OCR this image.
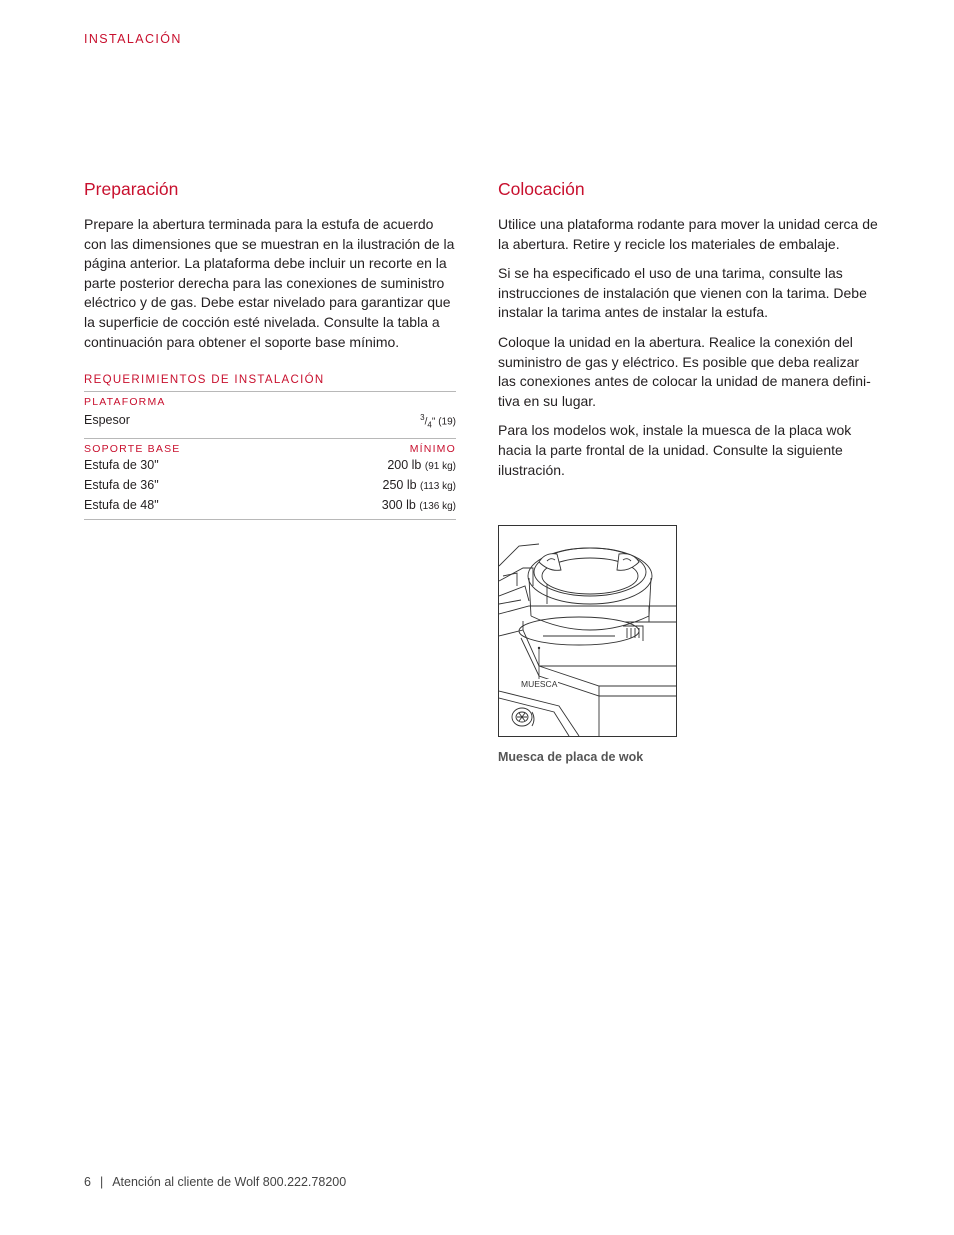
INSTALACIÓN
Preparación

Prepare la abertura terminada para la estufa de acuerdo con las dimensiones que se muestran en la ilustración de la página anterior. La plataforma debe incluir un recorte en la parte posterior derecha para las conexiones de suministro eléctrico y de gas. Debe estar nivelado para garantizar que la superficie de cocción esté nivelada. Consulte la tabla a continuación para obtener el soporte base mínimo.

REQUERIMIENTOS DE INSTALACIÓN
PLATAFORMA
Espesor	$^3/_4$" (19)
SOPORTE BASE	MÍNIMO
Estufa de 30"	200 lb (91 kg)
Estufa de 36"	250 lb (113 kg)
Estufa de 48"	300 lb (136 kg)
Colocación

Utilice una plataforma rodante para mover la unidad cerca de la abertura. Retire y recicle los materiales de embalaje.

Si se ha especificado el uso de una tarima, consulte las instrucciones de instalación que vienen con la tarima. Debe instalar la tarima antes de instalar la estufa.

Coloque la unidad en la abertura. Realice la conexión del suministro de gas y eléctrico. Es posible que deba realizar las conexiones antes de colocar la unidad de manera defini-tiva en su lugar.

Para los modelos wok, instale la muesca de la placa wok hacia la parte frontal de la unidad. Consulte la siguiente ilustración.

MUESCA
Muesca de placa de wok
6 | Atención al cliente de Wolf 800.222.78200
